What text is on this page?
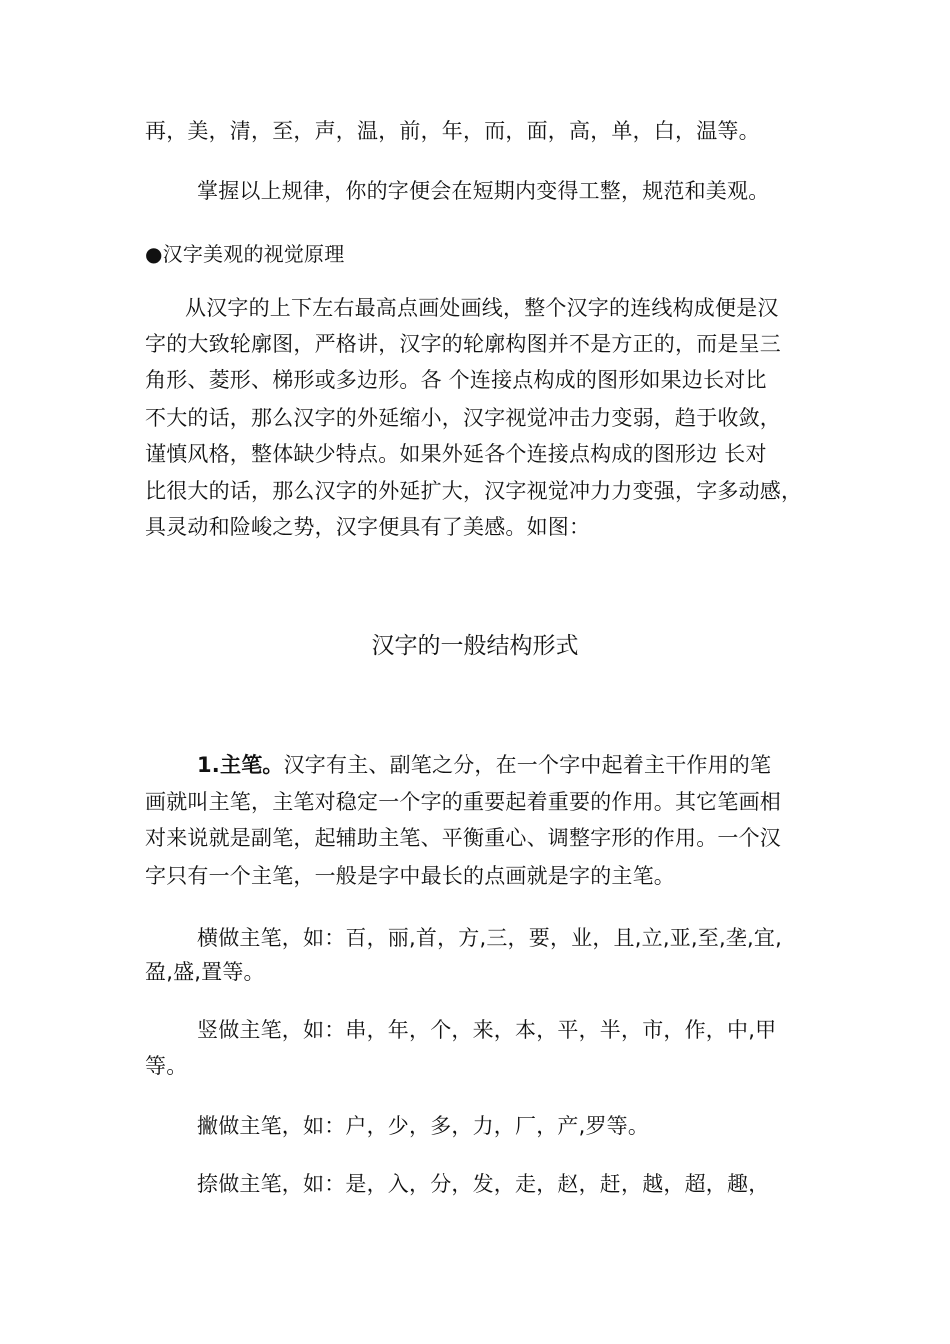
再，美，清，至，声，温，前，年，而，面，高，单，白，温等。
掌握以上规律，你的字便会在短期内变得工整，规范和美观。
●汉字美观的视觉原理
从汉字的上下左右最高点画处画线，整个汉字的连线构成便是汉
字的大致轮廓图，严格讲，汉字的轮廓构图并不是方正的，而是呈三
角形、菱形、梯形或多边形。各 个连接点构成的图形如果边长对比
不大的话，那么汉字的外延缩小，汉字视觉冲击力变弱，趋于收敛，
谨慎风格，整体缺少特点。如果外延各个连接点构成的图形边 长对
比很大的话，那么汉字的外延扩大，汉字视觉冲力力变强，字多动感，
具灵动和险峻之势，汉字便具有了美感。如图：
汉字的一般结构形式
1.主笔。汉字有主、副笔之分，在一个字中起着主干作用的笔
画就叫主笔，主笔对稳定一个字的重要起着重要的作用。其它笔画相
对来说就是副笔，起辅助主笔、平衡重心、调整字形的作用。一个汉
字只有一个主笔，一般是字中最长的点画就是字的主笔。
横做主笔，如：百，丽,首，方,三，要，业，且,立,亚,至,垄,宜,
盈,盛,置等。
竖做主笔，如：串，年，个，来，本，平，半，市，作，中,甲
等。
撇做主笔，如：户，少，多，力，厂，产,罗等。
捺做主笔，如：是，入，分，发，走，赵，赶，越，超，趣，
